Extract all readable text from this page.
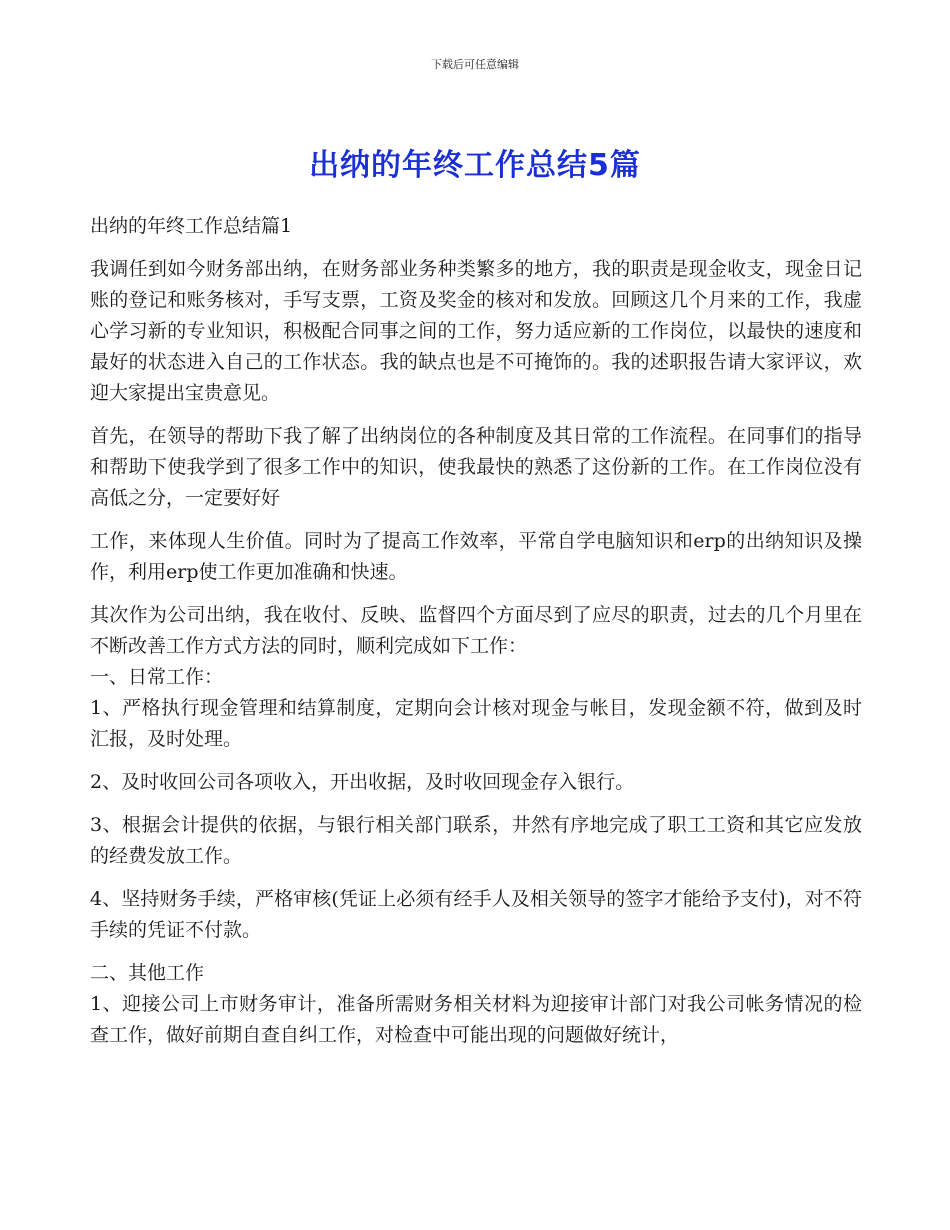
下载后可任意编辑
出纳的年终工作总结5篇

出纳的年终工作总结篇1

我调任到如今财务部出纳，在财务部业务种类繁多的地方，我的职责是现金收支，现金日记账的登记和账务核对，手写支票，工资及奖金的核对和发放。回顾这几个月来的工作，我虚心学习新的专业知识，积极配合同事之间的工作，努力适应新的工作岗位，以最快的速度和最好的状态进入自己的工作状态。我的缺点也是不可掩饰的。我的述职报告请大家评议，欢迎大家提出宝贵意见。

首先，在领导的帮助下我了解了出纳岗位的各种制度及其日常的工作流程。在同事们的指导和帮助下使我学到了很多工作中的知识，使我最快的熟悉了这份新的工作。在工作岗位没有高低之分，一定要好好

工作，来体现人生价值。同时为了提高工作效率，平常自学电脑知识和erp的出纳知识及操作，利用erp使工作更加准确和快速。

其次作为公司出纳，我在收付、反映、监督四个方面尽到了应尽的职责，过去的几个月里在不断改善工作方式方法的同时，顺利完成如下工作：

一、日常工作：

1、严格执行现金管理和结算制度，定期向会计核对现金与帐目，发现金额不符，做到及时汇报，及时处理。

2、及时收回公司各项收入，开出收据，及时收回现金存入银行。

3、根据会计提供的依据，与银行相关部门联系，井然有序地完成了职工工资和其它应发放的经费发放工作。

4、坚持财务手续，严格审核(凭证上必须有经手人及相关领导的签字才能给予支付)，对不符手续的凭证不付款。

二、其他工作

1、迎接公司上市财务审计，准备所需财务相关材料为迎接审计部门对我公司帐务情况的检查工作，做好前期自查自纠工作，对检查中可能出现的问题做好统计，
